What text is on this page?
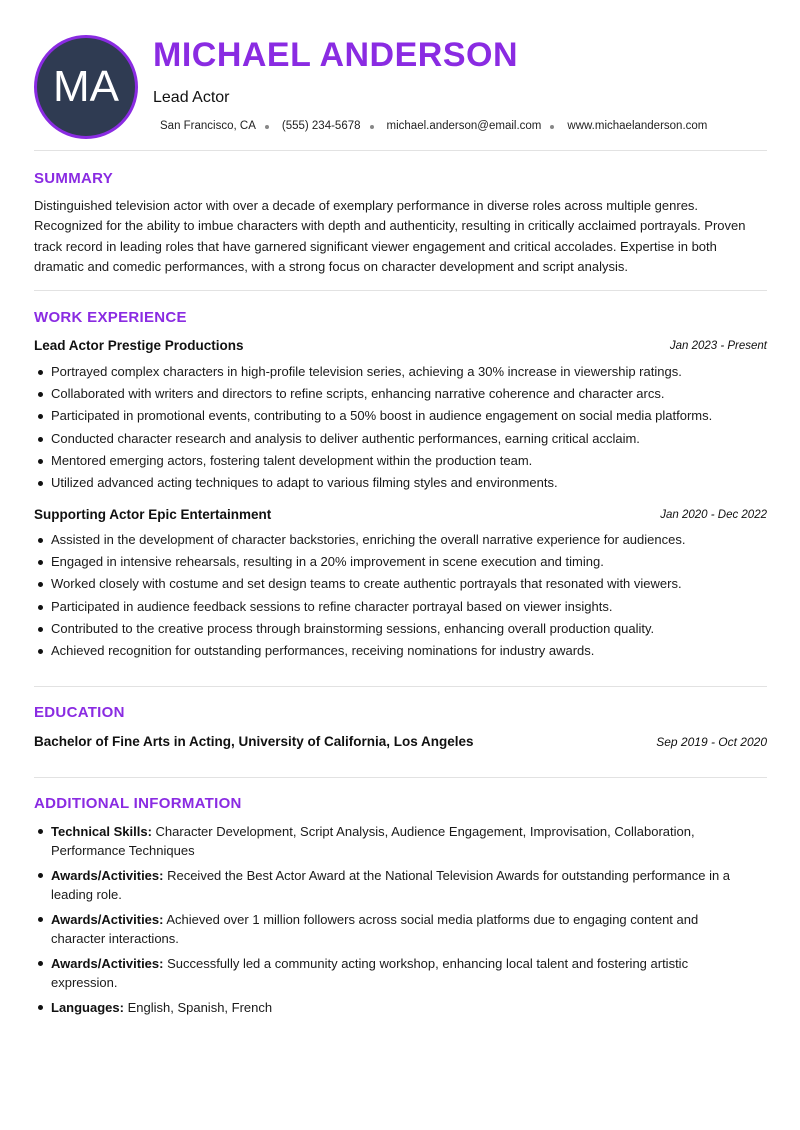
MA
MICHAEL ANDERSON
Lead Actor
San Francisco, CA (555) 234-5678 michael.anderson@email.com www.michaelanderson.com
SUMMARY

Distinguished television actor with over a decade of exemplary performance in diverse roles across multiple genres. Recognized for the ability to imbue characters with depth and authenticity, resulting in critically acclaimed portrayals. Proven track record in leading roles that have garnered significant viewer engagement and critical accolades. Expertise in both dramatic and comedic performances, with a strong focus on character development and script analysis.

WORK EXPERIENCE
Lead Actor Prestige Productions	Jan 2023 - Present
Portrayed complex characters in high-profile television series, achieving a 30% increase in viewership ratings.
Collaborated with writers and directors to refine scripts, enhancing narrative coherence and character arcs.
Participated in promotional events, contributing to a 50% boost in audience engagement on social media platforms.
Conducted character research and analysis to deliver authentic performances, earning critical acclaim.
Mentored emerging actors, fostering talent development within the production team.
Utilized advanced acting techniques to adapt to various filming styles and environments.
Supporting Actor Epic Entertainment	Jan 2020 - Dec 2022
Assisted in the development of character backstories, enriching the overall narrative experience for audiences.
Engaged in intensive rehearsals, resulting in a 20% improvement in scene execution and timing.
Worked closely with costume and set design teams to create authentic portrayals that resonated with viewers.
Participated in audience feedback sessions to refine character portrayal based on viewer insights.
Contributed to the creative process through brainstorming sessions, enhancing overall production quality.
Achieved recognition for outstanding performances, receiving nominations for industry awards.
EDUCATION
Bachelor of Fine Arts in Acting, University of California, Los Angeles	Sep 2019 - Oct 2020
ADDITIONAL INFORMATION
Technical Skills: Character Development, Script Analysis, Audience Engagement, Improvisation, Collaboration, Performance Techniques
Awards/Activities: Received the Best Actor Award at the National Television Awards for outstanding performance in a leading role.
Awards/Activities: Achieved over 1 million followers across social media platforms due to engaging content and character interactions.
Awards/Activities: Successfully led a community acting workshop, enhancing local talent and fostering artistic expression.
Languages: English, Spanish, French
